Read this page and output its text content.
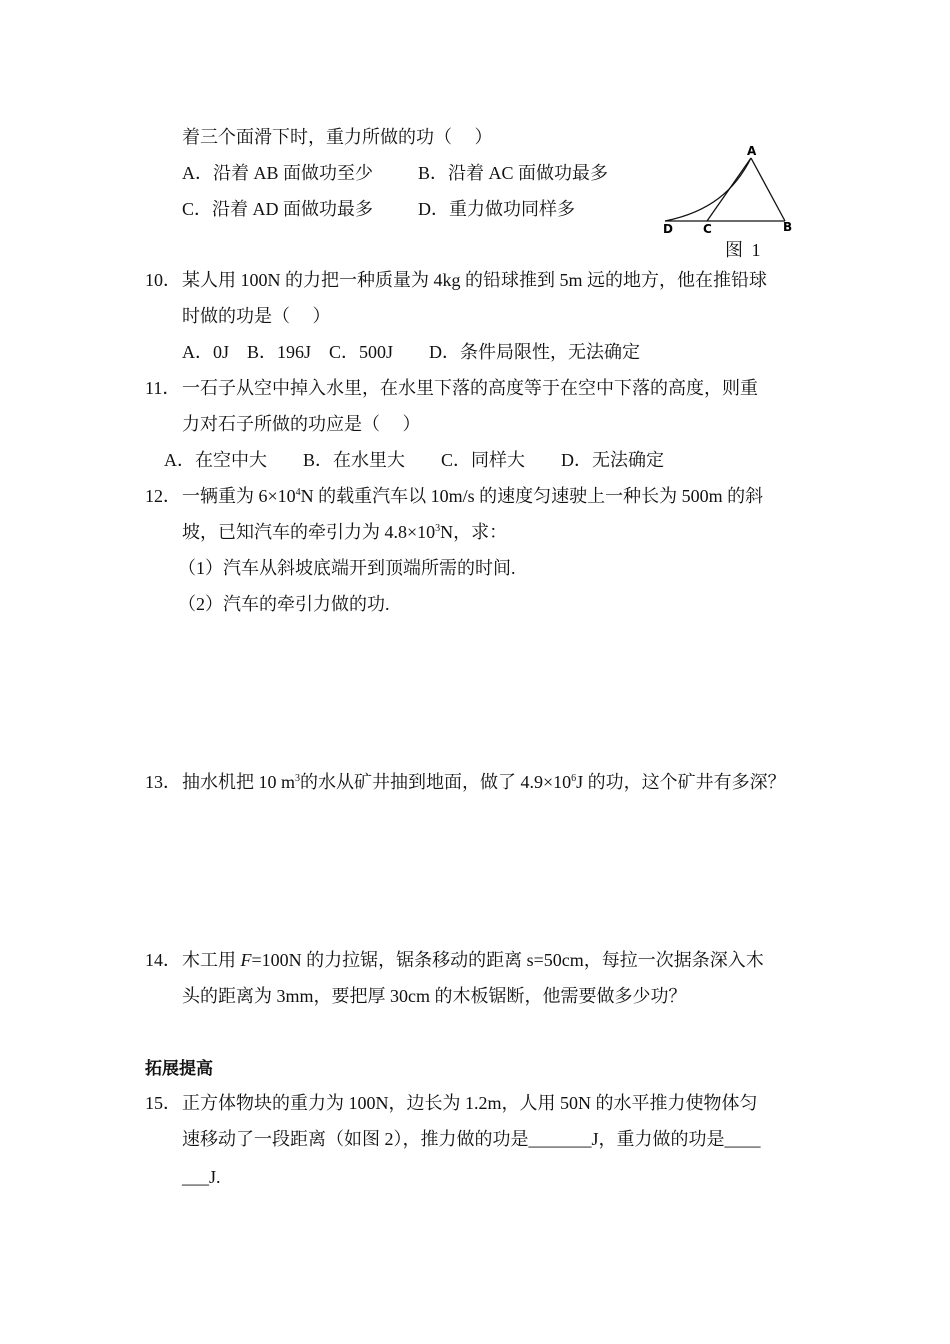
着三个面滑下时，重力所做的功（　 ）
A．沿着 AB 面做功至少 B．沿着 AC 面做功最多
C．沿着 AD 面做功最多 D．重力做功同样多
A
B
C
D
图 1
10． 某人用 100N 的力把一种质量为 4kg 的铅球推到 5m 远的地方，他在推铅球
时做的功是（　 ）
A．0J　B．196J　C．500J　　D．条件局限性，无法确定
11． 一石子从空中掉入水里，在水里下落的高度等于在空中下落的高度，则重
力对石子所做的功应是（　 ）
A．在空中大　　B．在水里大　　C．同样大　　D．无法确定
12． 一辆重为 $6\times 10^4N$ 的载重汽车以 10m/s 的速度匀速驶上一种长为 500m 的斜
坡，已知汽车的牵引力为 $4.8\times 10^3N$，求：
（1）汽车从斜坡底端开到顶端所需的时间.
（2）汽车的牵引力做的功.
13． 抽水机把 10 $m^3$的水从矿井抽到地面，做了 $4.9\times 10^6J$ 的功，这个矿井有多深？
14． 木工用 F=100N 的力拉锯，锯条移动的距离 s=50cm，每拉一次据条深入木
头的距离为 3mm，要把厚 30cm 的木板锯断，他需要做多少功？
拓展提高
15． 正方体物块的重力为 100N，边长为 1.2m，人用 50N 的水平推力使物体匀
速移动了一段距离（如图 2），推力做的功是_______J，重力做的功是____
___J.
